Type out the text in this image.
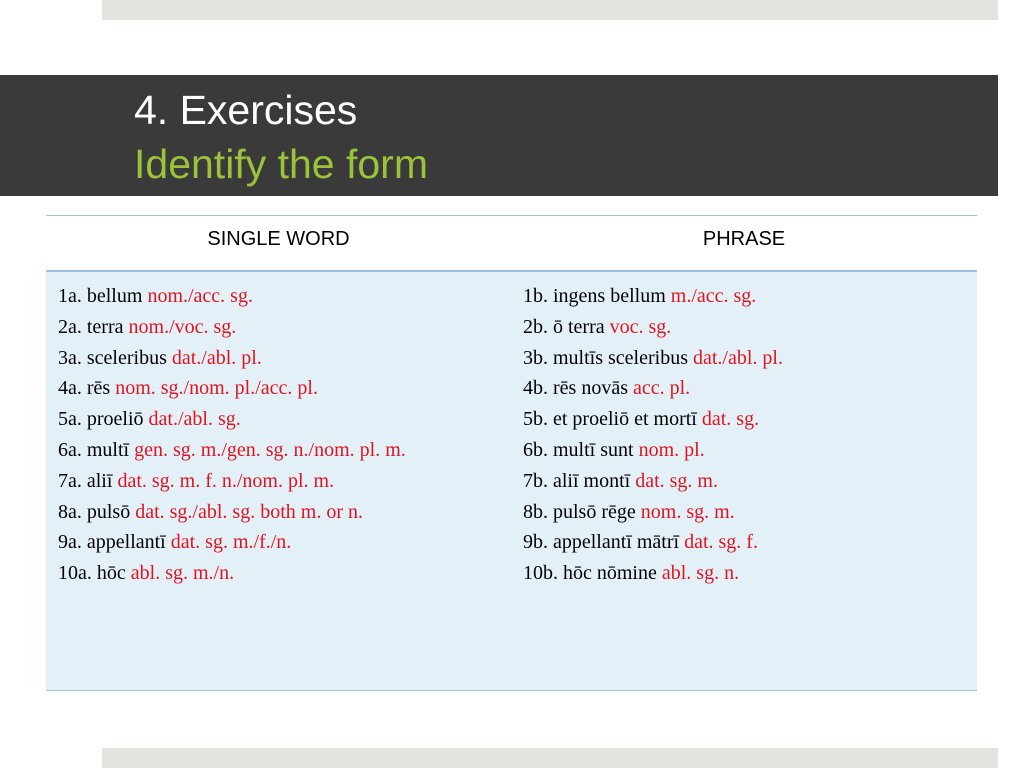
4. Exercises
Identify the form
SINGLE WORD	PHRASE
1a. bellum nom./acc. sg.
2a. terra nom./voc. sg.
3a. sceleribus dat./abl. pl.
4a. rēs nom. sg./nom. pl./acc. pl.
5a. proeliō dat./abl. sg.
6a. multī gen. sg. m./gen. sg. n./nom. pl. m.
7a. aliī dat. sg. m. f. n./nom. pl. m.
8a. pulsō dat. sg./abl. sg. both m. or n.
9a. appellantī dat. sg. m./f./n.
10a. hōc abl. sg. m./n.
1b. ingens bellum m./acc. sg.
2b. ō terra voc. sg.
3b. multīs sceleribus dat./abl. pl.
4b. rēs novās acc. pl.
5b. et proeliō et mortī dat. sg.
6b. multī sunt nom. pl.
7b. aliī montī dat. sg. m.
8b. pulsō rēge nom. sg. m.
9b. appellantī mātrī dat. sg. f.
10b. hōc nōmine abl. sg. n.
